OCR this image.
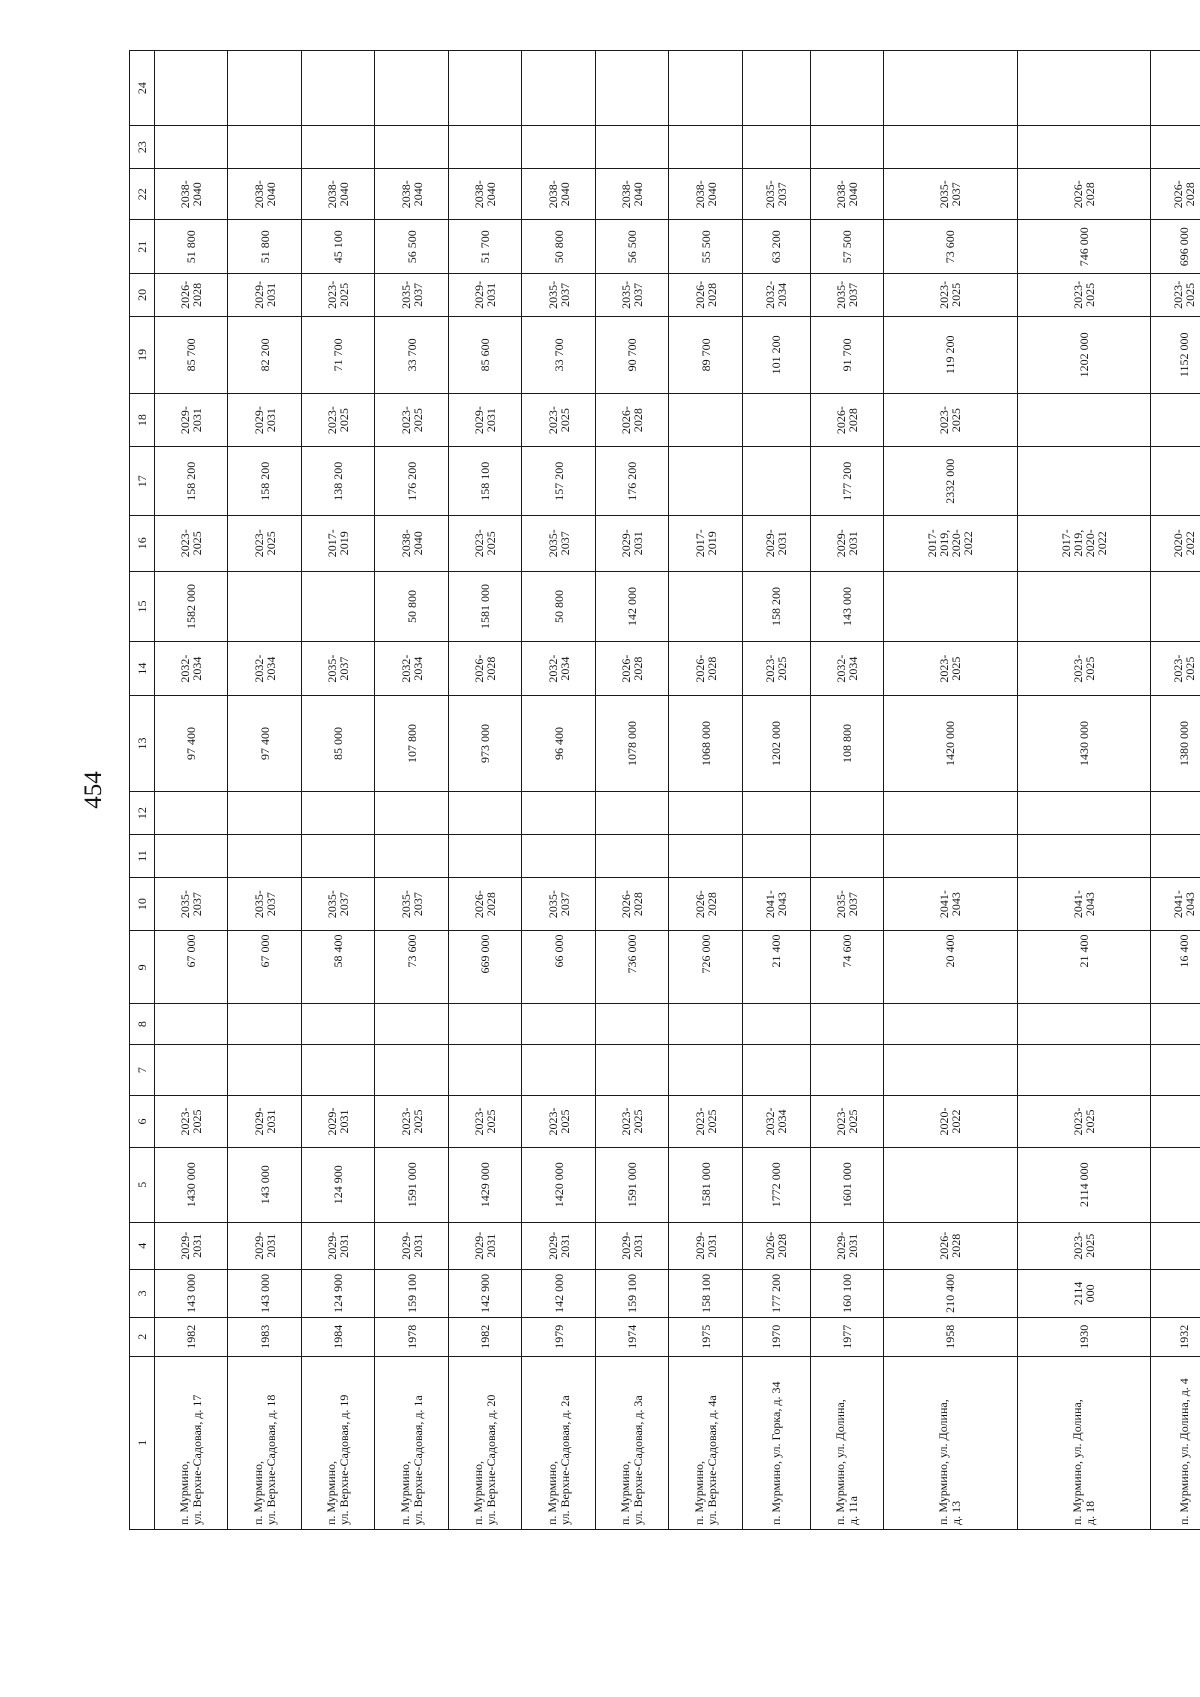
454
1	2	3	4	5	6	7	8	9	10	11	12	13	14	15	16	17	18	19	20	21	22	23	24

п. Мурмино, ул. Верхне-Садовая, д. 17	1982	143 000	2029-
2031	1430 000	2023-
2025			67 000	2035-
2037			97 400	2032-
2034	1582 000	2023-
2025	158 200	2029-
2031	85 700	2026-
2028	51 800	2038-
2040		

п. Мурмино, ул. Верхне-Садовая, д. 18	1983	143 000	2029-
2031	143 000	2029-
2031			67 000	2035-
2037			97 400	2032-
2034		2023-
2025	158 200	2029-
2031	82 200	2029-
2031	51 800	2038-
2040		

п. Мурмино, ул. Верхне-Садовая, д. 19	1984	124 900	2029-
2031	124 900	2029-
2031			58 400	2035-
2037			85 000	2035-
2037		2017-
2019	138 200	2023-
2025	71 700	2023-
2025	45 100	2038-
2040		

п. Мурмино, ул. Верхне-Садовая, д. 1а	1978	159 100	2029-
2031	1591 000	2023-
2025			73 600	2035-
2037			107 800	2032-
2034	50 800	2038-
2040	176 200	2023-
2025	33 700	2035-
2037	56 500	2038-
2040		

п. Мурмино, ул. Верхне-Садовая, д. 20	1982	142 900	2029-
2031	1429 000	2023-
2025			669 000	2026-
2028			973 000	2026-
2028	1581 000	2023-
2025	158 100	2029-
2031	85 600	2029-
2031	51 700	2038-
2040		

п. Мурмино, ул. Верхне-Садовая, д. 2а	1979	142 000	2029-
2031	1420 000	2023-
2025			66 000	2035-
2037			96 400	2032-
2034	50 800	2035-
2037	157 200	2023-
2025	33 700	2035-
2037	50 800	2038-
2040		

п. Мурмино, ул. Верхне-Садовая, д. 3а	1974	159 100	2029-
2031	1591 000	2023-
2025			736 000	2026-
2028			1078 000	2026-
2028	142 000	2029-
2031	176 200	2026-
2028	90 700	2035-
2037	56 500	2038-
2040		

п. Мурмино, ул. Верхне-Садовая, д. 4а	1975	158 100	2029-
2031	1581 000	2023-
2025			726 000	2026-
2028			1068 000	2026-
2028		2017-
2019			89 700	2026-
2028	55 500	2038-
2040		

п. Мурмино, ул. Горка, д. 34	1970	177 200	2026-
2028	1772 000	2032-
2034			21 400	2041-
2043			1202 000	2023-
2025	158 200	2029-
2031			101 200	2032-
2034	63 200	2035-
2037		

п. Мурмино, ул. Долина, д. 11а	1977	160 100	2029-
2031	1601 000	2023-
2025			74 600	2035-
2037			108 800	2032-
2034	143 000	2029-
2031	177 200	2026-
2028	91 700	2035-
2037	57 500	2038-
2040		

п. Мурмино, ул. Долина, д. 13	1958	210 400	2026-
2028		2020-
2022			20 400	2041-
2043			1420 000	2023-
2025		2017-
2019,
2020-
2022	2332 000	2023-
2025	119 200	2023-
2025	73 600	2035-
2037		

п. Мурмино, ул. Долина, д. 18	1930	2114
000	2023-
2025	2114 000	2023-
2025			21 400	2041-
2043			1430 000	2023-
2025		2017-
2019,
2020-
2022			1202 000	2023-
2025	746 000	2026-
2028		

п. Мурмино, ул. Долина, д. 4	1932							16 400	2041-
2043			1380 000	2023-
2025		2020-
2022			1152 000	2023-
2025	696 000	2026-
2028		
